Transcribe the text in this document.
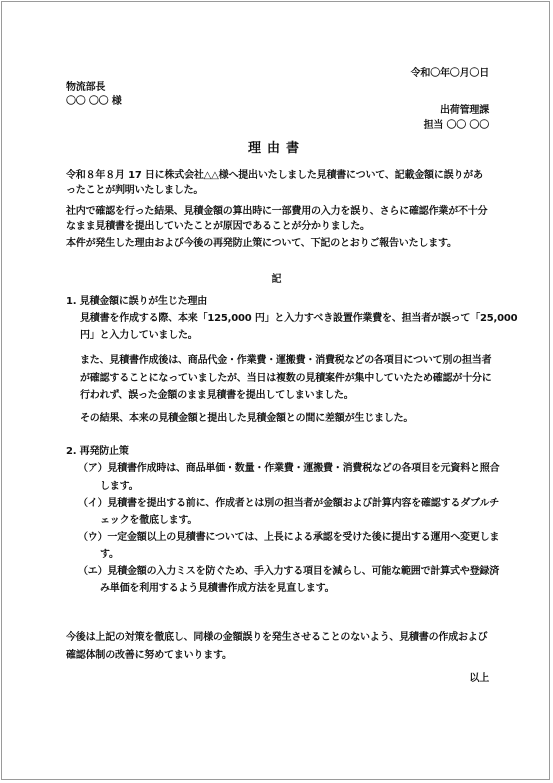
令和〇年〇月〇日
物流部長
〇〇 〇〇 様
出荷管理課
担当 〇〇 〇〇
理由書
令和８年８月 17 日に株式会社△△様へ提出いたしました見積書について、記載金額に誤りがあ
ったことが判明いたしました。
社内で確認を行った結果、見積金額の算出時に一部費用の入力を誤り、さらに確認作業が不十分
なまま見積書を提出していたことが原因であることが分かりました。
本件が発生した理由および今後の再発防止策について、下記のとおりご報告いたします。
記
1. 見積金額に誤りが生じた理由
見積書を作成する際、本来「125,000 円」と入力すべき設置作業費を、担当者が誤って「25,000
円」と入力していました。
また、見積書作成後は、商品代金・作業費・運搬費・消費税などの各項目について別の担当者
が確認することになっていましたが、当日は複数の見積案件が集中していたため確認が十分に
行われず、誤った金額のまま見積書を提出してしまいました。
その結果、本来の見積金額と提出した見積金額との間に差額が生じました。
2. 再発防止策
（ア）見積書作成時は、商品単価・数量・作業費・運搬費・消費税などの各項目を元資料と照合
します。
（イ）見積書を提出する前に、作成者とは別の担当者が金額および計算内容を確認するダブルチ
ェックを徹底します。
（ウ）一定金額以上の見積書については、上長による承認を受けた後に提出する運用へ変更しま
す。
（エ）見積金額の入力ミスを防ぐため、手入力する項目を減らし、可能な範囲で計算式や登録済
み単価を利用するよう見積書作成方法を見直します。
今後は上記の対策を徹底し、同様の金額誤りを発生させることのないよう、見積書の作成および
確認体制の改善に努めてまいります。
以上
